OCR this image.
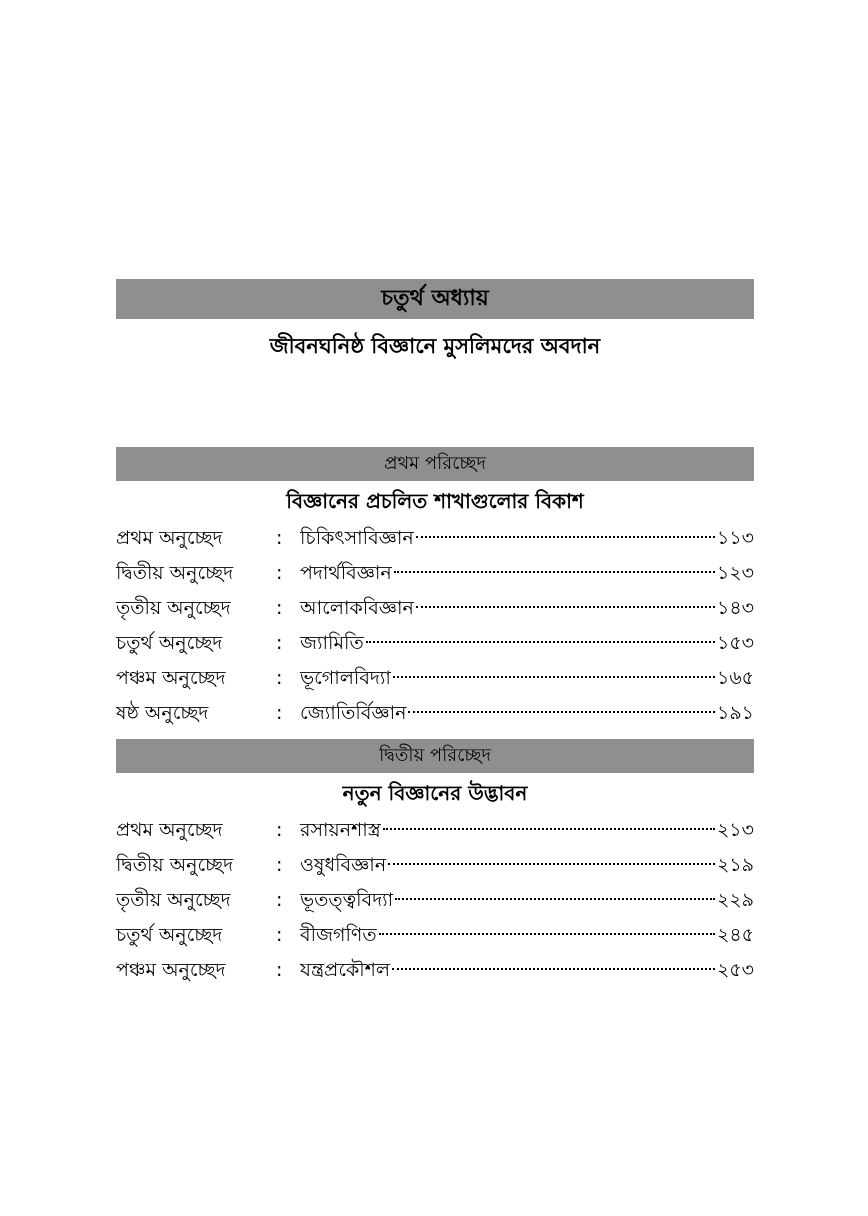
চতুর্থ অধ্যায়
জীবনঘনিষ্ঠ বিজ্ঞানে মুসলিমদের অবদান
প্রথম পরিচ্ছেদ
বিজ্ঞানের প্রচলিত শাখাগুলোর বিকাশ
প্রথম অনুচ্ছেদ	: চিকিৎসাবিজ্ঞান	১১৩
দ্বিতীয় অনুচ্ছেদ	: পদার্থবিজ্ঞান	১২৩
তৃতীয় অনুচ্ছেদ	: আলোকবিজ্ঞান	১৪৩
চতুর্থ অনুচ্ছেদ	: জ্যামিতি	১৫৩
পঞ্চম অনুচ্ছেদ	: ভূগোলবিদ্যা	১৬৫
ষষ্ঠ অনুচ্ছেদ	: জ্যোতির্বিজ্ঞান	১৯১
দ্বিতীয় পরিচ্ছেদ
নতুন বিজ্ঞানের উদ্ভাবন
প্রথম অনুচ্ছেদ	: রসায়নশাস্ত্র	২১৩
দ্বিতীয় অনুচ্ছেদ	: ওষুধবিজ্ঞান	২১৯
তৃতীয় অনুচ্ছেদ	: ভূতত্ত্ববিদ্যা	২২৯
চতুর্থ অনুচ্ছেদ	: বীজগণিত	২৪৫
পঞ্চম অনুচ্ছেদ	: যন্ত্রপ্রকৌশল	২৫৩
